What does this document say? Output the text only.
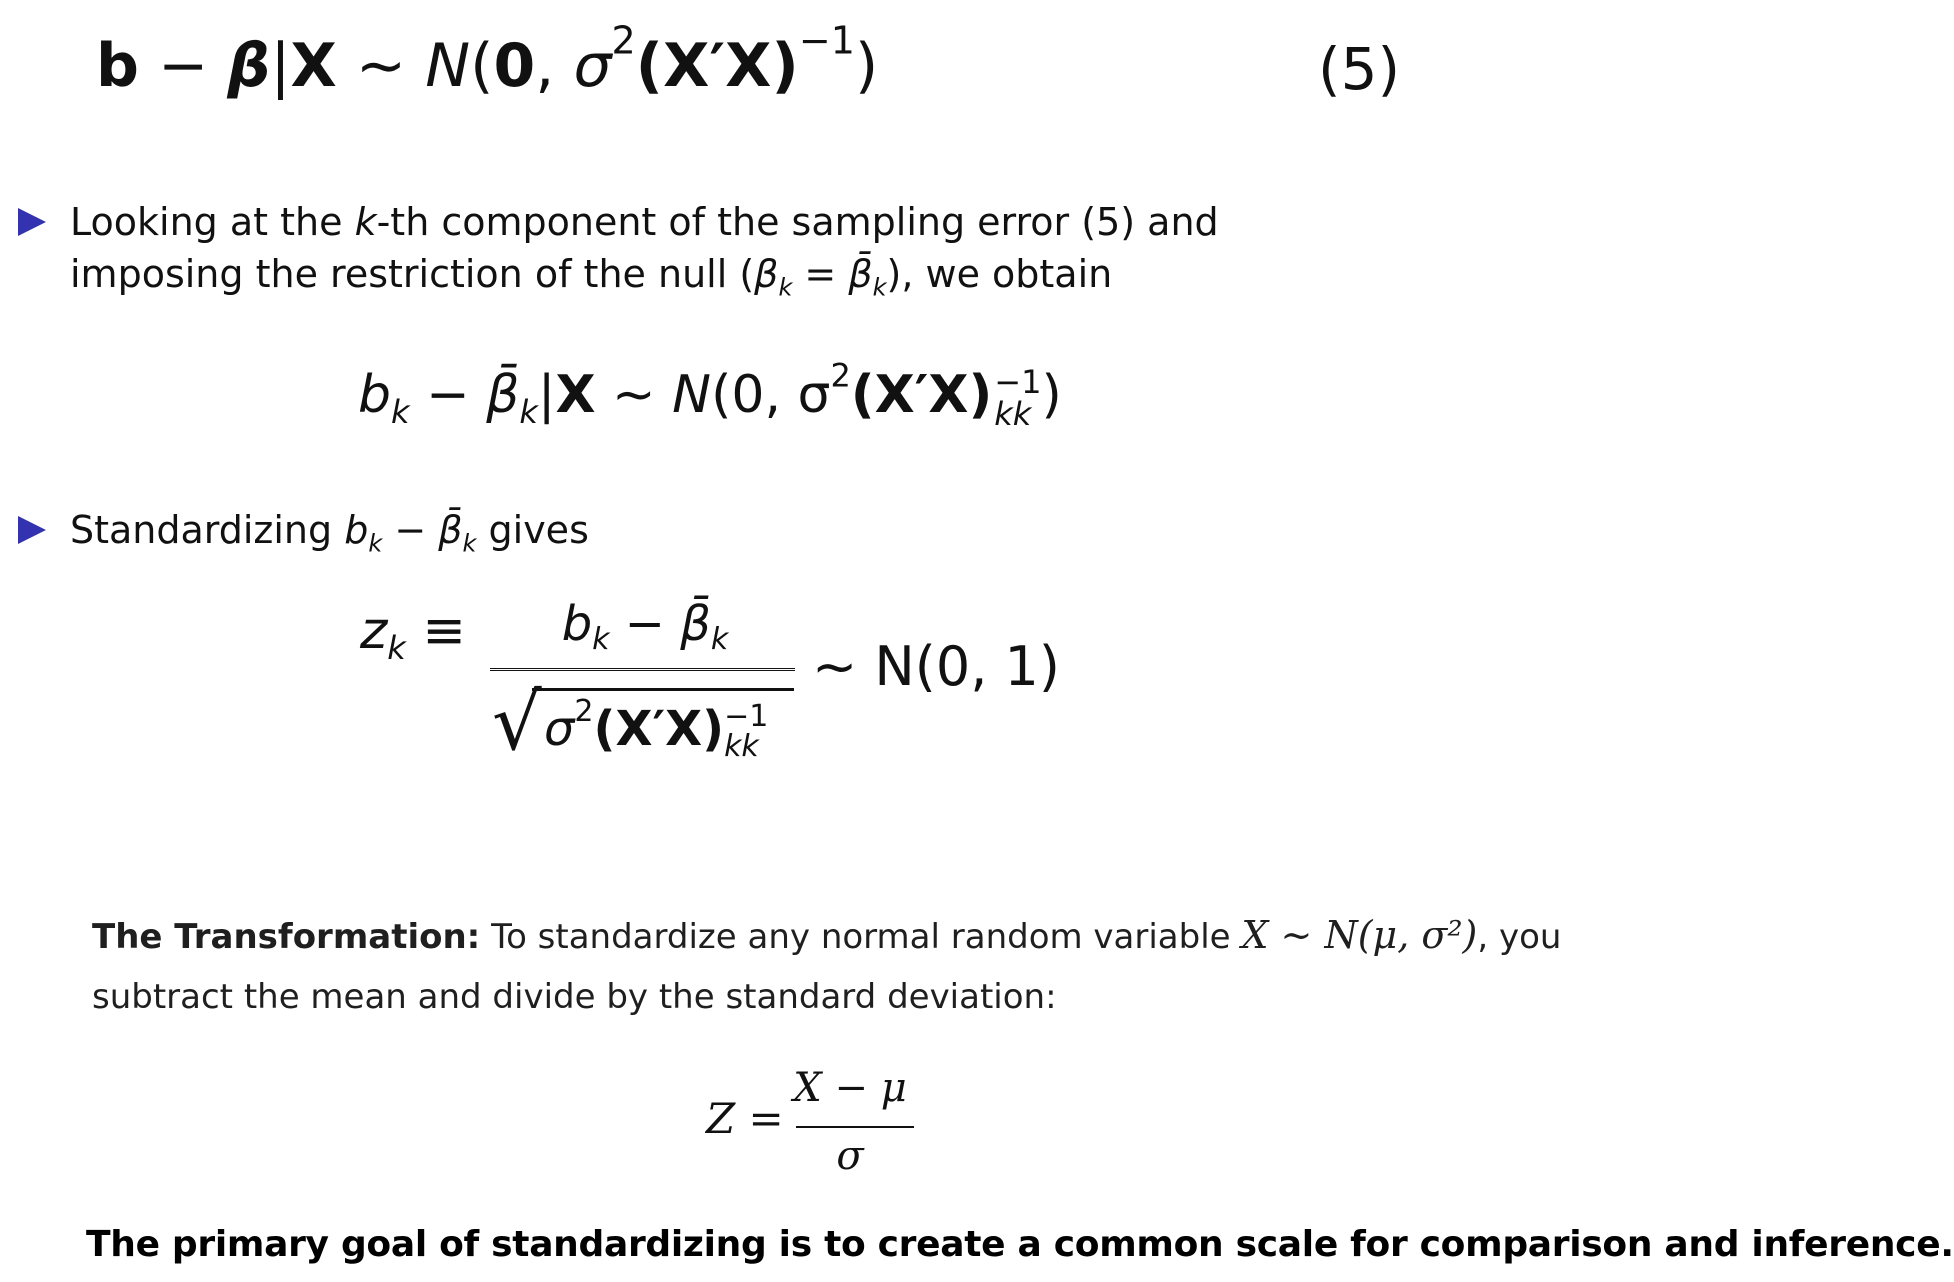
b − β|X ∼ N(0, $\sigma^2(X'X)^{-1}$)	(5)
Looking at the k-th component of the sampling error (5) and
imposing the restriction of the null ($\beta_k$ = $\betā_k$), we obtain
$b_k$ − $\betā_k|X$ ∼ N(0, $\sigma^2(X'X) -1$
kk )
Standardizing $b_k$ − $\betā_k$ gives
$z_k$ ≡	bk − β̄k
√ $\sigma^2(X'X) -1$
kk
∼ N(0, 1)
The Transformation: To standardize any normal random variable X ∼ N(μ, σ²), you
subtract the mean and divide by the standard deviation:
Z =
X − μ
σ
The primary goal of standardizing is to create a common scale for comparison and inference.
